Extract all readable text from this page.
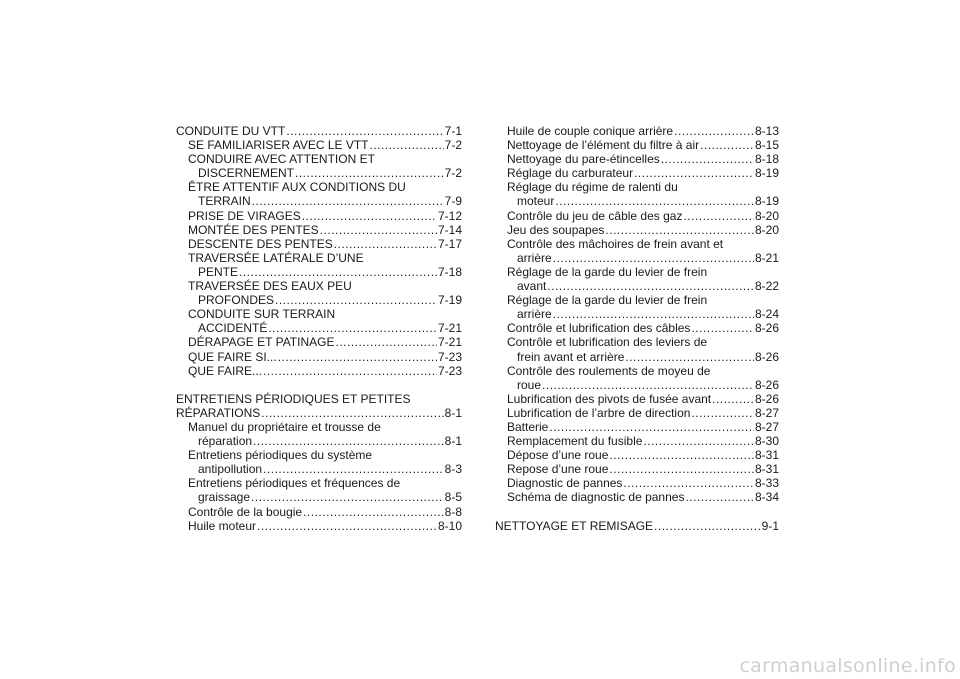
CONDUITE DU VTT .....	7-1
SE FAMILIARISER AVEC LE VTT .....	7-2
CONDUIRE AVEC ATTENTION ET
DISCERNEMENT .....	7-2
ÊTRE ATTENTIF AUX CONDITIONS DU
TERRAIN .....	7-9
PRISE DE VIRAGES .....	7-12
MONTÉE DES PENTES .....	7-14
DESCENTE DES PENTES .....	7-17
TRAVERSÉE LATÉRALE D’UNE
PENTE .....	7-18
TRAVERSÉE DES EAUX PEU
PROFONDES .....	7-19
CONDUITE SUR TERRAIN
ACCIDENTÉ .....	7-21
DÉRAPAGE ET PATINAGE .....	7-21
QUE FAIRE SI... .....	7-23
QUE FAIRE... .....	7-23
ENTRETIENS PÉRIODIQUES ET PETITES
RÉPARATIONS .....	8-1
Manuel du propriétaire et trousse de
réparation .....	8-1
Entretiens périodiques du système
antipollution .....	8-3
Entretiens périodiques et fréquences de
graissage .....	8-5
Contrôle de la bougie .....	8-8
Huile moteur .....	8-10
Huile de couple conique arrière .....	8-13
Nettoyage de l’élément du filtre à air .....	8-15
Nettoyage du pare-étincelles .....	8-18
Réglage du carburateur .....	8-19
Réglage du régime de ralenti du
moteur .....	8-19
Contrôle du jeu de câble des gaz .....	8-20
Jeu des soupapes .....	8-20
Contrôle des mâchoires de frein avant et
arrière .....	8-21
Réglage de la garde du levier de frein
avant .....	8-22
Réglage de la garde du levier de frein
arrière .....	8-24
Contrôle et lubrification des câbles .....	8-26
Contrôle et lubrification des leviers de
frein avant et arrière .....	8-26
Contrôle des roulements de moyeu de
roue .....	8-26
Lubrification des pivots de fusée avant .....	8-26
Lubrification de l’arbre de direction .....	8-27
Batterie .....	8-27
Remplacement du fusible .....	8-30
Dépose d’une roue .....	8-31
Repose d’une roue .....	8-31
Diagnostic de pannes .....	8-33
Schéma de diagnostic de pannes .....	8-34
NETTOYAGE ET REMISAGE .....	9-1
carmanualsonline.info
